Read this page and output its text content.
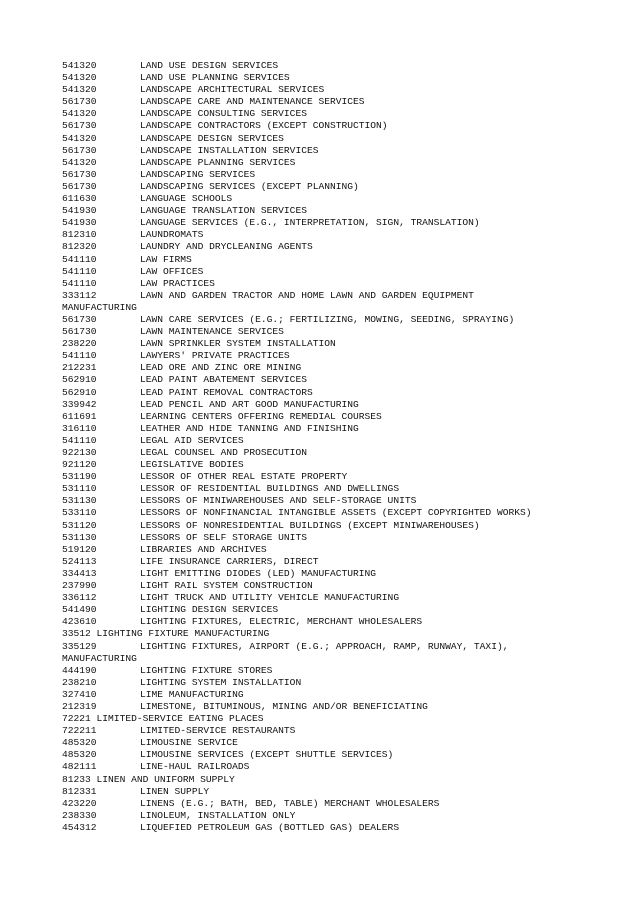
541320	LAND USE DESIGN SERVICES
541320	LAND USE PLANNING SERVICES
541320	LANDSCAPE ARCHITECTURAL SERVICES
561730	LANDSCAPE CARE AND MAINTENANCE SERVICES
541320	LANDSCAPE CONSULTING SERVICES
561730	LANDSCAPE CONTRACTORS (EXCEPT CONSTRUCTION)
541320	LANDSCAPE DESIGN SERVICES
561730	LANDSCAPE INSTALLATION SERVICES
541320	LANDSCAPE PLANNING SERVICES
561730	LANDSCAPING SERVICES
561730	LANDSCAPING SERVICES (EXCEPT PLANNING)
611630	LANGUAGE SCHOOLS
541930	LANGUAGE TRANSLATION SERVICES
541930	LANGUAGE SERVICES (E.G., INTERPRETATION, SIGN, TRANSLATION)
812310	LAUNDROMATS
812320	LAUNDRY AND DRYCLEANING AGENTS
541110	LAW FIRMS
541110	LAW OFFICES
541110	LAW PRACTICES
333112	LAWN AND GARDEN TRACTOR AND HOME LAWN AND GARDEN EQUIPMENT
MANUFACTURING
561730	LAWN CARE SERVICES (E.G.; FERTILIZING, MOWING, SEEDING, SPRAYING)
561730	LAWN MAINTENANCE SERVICES
238220	LAWN SPRINKLER SYSTEM INSTALLATION
541110	LAWYERS' PRIVATE PRACTICES
212231	LEAD ORE AND ZINC ORE MINING
562910	LEAD PAINT ABATEMENT SERVICES
562910	LEAD PAINT REMOVAL CONTRACTORS
339942	LEAD PENCIL AND ART GOOD MANUFACTURING
611691	LEARNING CENTERS OFFERING REMEDIAL COURSES
316110	LEATHER AND HIDE TANNING AND FINISHING
541110	LEGAL AID SERVICES
922130	LEGAL COUNSEL AND PROSECUTION
921120	LEGISLATIVE BODIES
531190	LESSOR OF OTHER REAL ESTATE PROPERTY
531110	LESSOR OF RESIDENTIAL BUILDINGS AND DWELLINGS
531130	LESSORS OF MINIWAREHOUSES AND SELF-STORAGE UNITS
533110	LESSORS OF NONFINANCIAL INTANGIBLE ASSETS (EXCEPT COPYRIGHTED WORKS)
531120	LESSORS OF NONRESIDENTIAL BUILDINGS (EXCEPT MINIWAREHOUSES)
531130	LESSORS OF SELF STORAGE UNITS
519120	LIBRARIES AND ARCHIVES
524113	LIFE INSURANCE CARRIERS, DIRECT
334413	LIGHT EMITTING DIODES (LED) MANUFACTURING
237990	LIGHT RAIL SYSTEM CONSTRUCTION
336112	LIGHT TRUCK AND UTILITY VEHICLE MANUFACTURING
541490	LIGHTING DESIGN SERVICES
423610	LIGHTING FIXTURES, ELECTRIC, MERCHANT WHOLESALERS
33512 LIGHTING FIXTURE MANUFACTURING
335129	LIGHTING FIXTURES, AIRPORT (E.G.; APPROACH, RAMP, RUNWAY, TAXI),
MANUFACTURING
444190	LIGHTING FIXTURE STORES
238210	LIGHTING SYSTEM INSTALLATION
327410	LIME MANUFACTURING
212319	LIMESTONE, BITUMINOUS, MINING AND/OR BENEFICIATING
72221 LIMITED-SERVICE EATING PLACES
722211	LIMITED-SERVICE RESTAURANTS
485320	LIMOUSINE SERVICE
485320	LIMOUSINE SERVICES (EXCEPT SHUTTLE SERVICES)
482111	LINE-HAUL RAILROADS
81233 LINEN AND UNIFORM SUPPLY
812331	LINEN SUPPLY
423220	LINENS (E.G.; BATH, BED, TABLE) MERCHANT WHOLESALERS
238330	LINOLEUM, INSTALLATION ONLY
454312	LIQUEFIED PETROLEUM GAS (BOTTLED GAS) DEALERS
